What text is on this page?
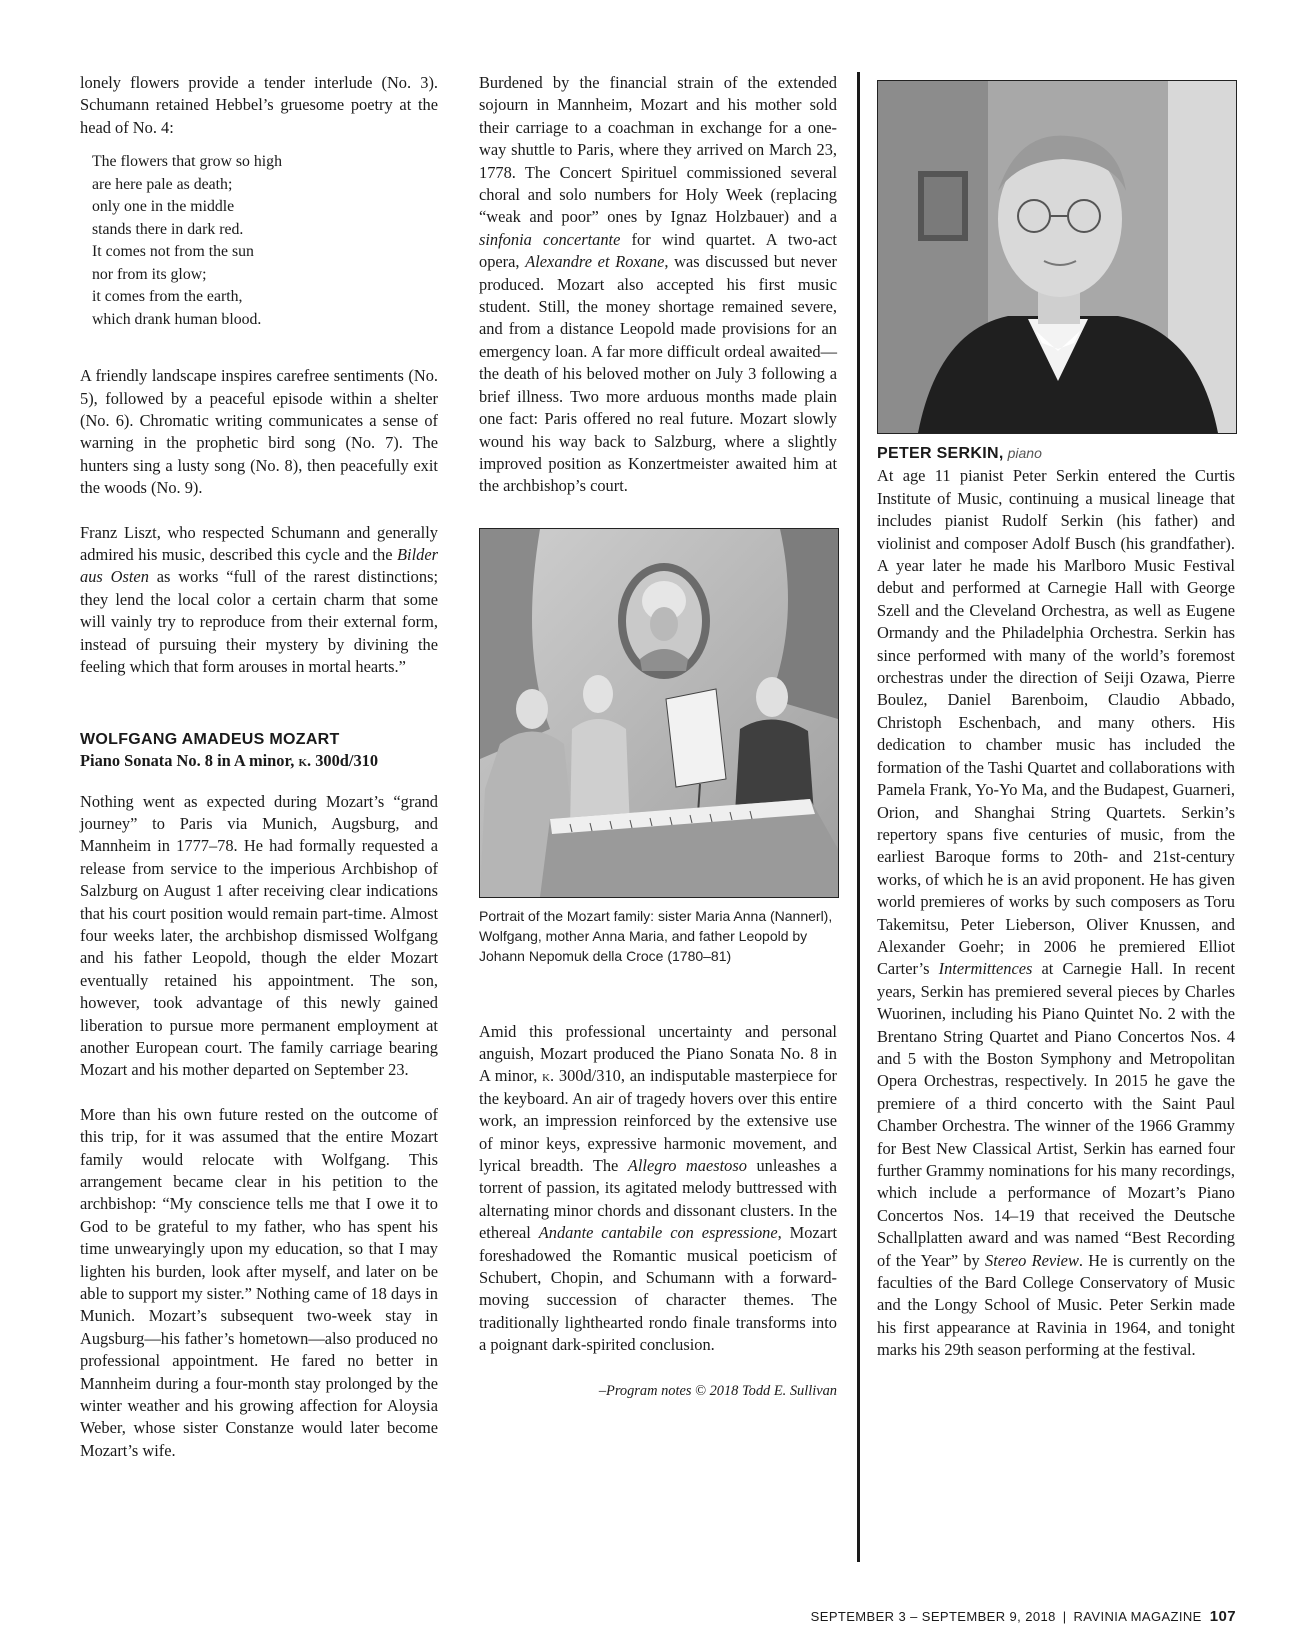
lonely flowers provide a tender interlude (No. 3). Schumann retained Hebbel’s gruesome poetry at the head of No. 4:

The flowers that grow so high
are here pale as death;
only one in the middle
stands there in dark red.
It comes not from the sun
nor from its glow;
it comes from the earth,
which drank human blood.

A friendly landscape inspires carefree sentiments (No. 5), followed by a peaceful episode within a shelter (No. 6). Chromatic writing communicates a sense of warning in the prophetic bird song (No. 7). The hunters sing a lusty song (No. 8), then peacefully exit the woods (No. 9).

Franz Liszt, who respected Schumann and generally admired his music, described this cycle and the Bilder aus Osten as works “full of the rarest distinctions; they lend the local color a certain charm that some will vainly try to reproduce from their external form, instead of pursuing their mystery by divining the feeling which that form arouses in mortal hearts.”

WOLFGANG AMADEUS MOZART
Piano Sonata No. 8 in A minor, k. 300d/310

Nothing went as expected during Mozart’s “grand journey” to Paris via Munich, Augsburg, and Mannheim in 1777–78. He had formally requested a release from service to the imperious Archbishop of Salzburg on August 1 after receiving clear indications that his court position would remain part-time. Almost four weeks later, the archbishop dismissed Wolfgang and his father Leopold, though the elder Mozart eventually retained his appointment. The son, however, took advantage of this newly gained liberation to pursue more permanent employment at another European court. The family carriage bearing Mozart and his mother departed on September 23.

More than his own future rested on the outcome of this trip, for it was assumed that the entire Mozart family would relocate with Wolfgang. This arrangement became clear in his petition to the archbishop: “My conscience tells me that I owe it to God to be grateful to my father, who has spent his time unwearyingly upon my education, so that I may lighten his burden, look after myself, and later on be able to support my sister.” Nothing came of 18 days in Munich. Mozart’s subsequent two-week stay in Augsburg—his father’s hometown—also produced no professional appointment. He fared no better in Mannheim during a four-month stay prolonged by the winter weather and his growing affection for Aloysia Weber, whose sister Constanze would later become Mozart’s wife.

Burdened by the financial strain of the extended sojourn in Mannheim, Mozart and his mother sold their carriage to a coachman in exchange for a one-way shuttle to Paris, where they arrived on March 23, 1778. The Concert Spirituel commissioned several choral and solo numbers for Holy Week (replacing “weak and poor” ones by Ignaz Holzbauer) and a sinfonia concertante for wind quartet. A two-act opera, Alexandre et Roxane, was discussed but never produced. Mozart also accepted his first music student. Still, the money shortage remained severe, and from a distance Leopold made provisions for an emergency loan. A far more difficult ordeal awaited—the death of his beloved mother on July 3 following a brief illness. Two more arduous months made plain one fact: Paris offered no real future. Mozart slowly wound his way back to Salzburg, where a slightly improved position as Konzertmeister awaited him at the archbishop’s court.

Portrait of the Mozart family: sister Maria Anna (Nannerl), Wolfgang, mother Anna Maria, and father Leopold by Johann Nepomuk della Croce (1780–81)

Amid this professional uncertainty and personal anguish, Mozart produced the Piano Sonata No. 8 in A minor, k. 300d/310, an indisputable masterpiece for the keyboard. An air of tragedy hovers over this entire work, an impression reinforced by the extensive use of minor keys, expressive harmonic movement, and lyrical breadth. The Allegro maestoso unleashes a torrent of passion, its agitated melody buttressed with alternating minor chords and dissonant clusters. In the ethereal Andante cantabile con espressione, Mozart foreshadowed the Romantic musical poeticism of Schubert, Chopin, and Schumann with a forward-moving succession of character themes. The traditionally lighthearted rondo finale transforms into a poignant dark-spirited conclusion.

–Program notes © 2018 Todd E. Sullivan
PETER SERKIN, piano

At age 11 pianist Peter Serkin entered the Curtis Institute of Music, continuing a musical lineage that includes pianist Rudolf Serkin (his father) and violinist and composer Adolf Busch (his grandfather). A year later he made his Marlboro Music Festival debut and performed at Carnegie Hall with George Szell and the Cleveland Orchestra, as well as Eugene Ormandy and the Philadelphia Orchestra. Serkin has since performed with many of the world’s foremost orchestras under the direction of Seiji Ozawa, Pierre Boulez, Daniel Barenboim, Claudio Abbado, Christoph Eschenbach, and many others. His dedication to chamber music has included the formation of the Tashi Quartet and collaborations with Pamela Frank, Yo-Yo Ma, and the Budapest, Guarneri, Orion, and Shanghai String Quartets. Serkin’s repertory spans five centuries of music, from the earliest Baroque forms to 20th- and 21st-century works, of which he is an avid proponent. He has given world premieres of works by such composers as Toru Takemitsu, Peter Lieberson, Oliver Knussen, and Alexander Goehr; in 2006 he premiered Elliot Carter’s Intermittences at Carnegie Hall. In recent years, Serkin has premiered several pieces by Charles Wuorinen, including his Piano Quintet No. 2 with the Brentano String Quartet and Piano Concertos Nos. 4 and 5 with the Boston Symphony and Metropolitan Opera Orchestras, respectively. In 2015 he gave the premiere of a third concerto with the Saint Paul Chamber Orchestra. The winner of the 1966 Grammy for Best New Classical Artist, Serkin has earned four further Grammy nominations for his many recordings, which include a performance of Mozart’s Piano Concertos Nos. 14–19 that received the Deutsche Schallplatten award and was named “Best Recording of the Year” by Stereo Review. He is currently on the faculties of the Bard College Conservatory of Music and the Longy School of Music. Peter Serkin made his first appearance at Ravinia in 1964, and tonight marks his 29th season performing at the festival.

SEPTEMBER 3 – SEPTEMBER 9, 2018 | RAVINIA MAGAZINE 107
